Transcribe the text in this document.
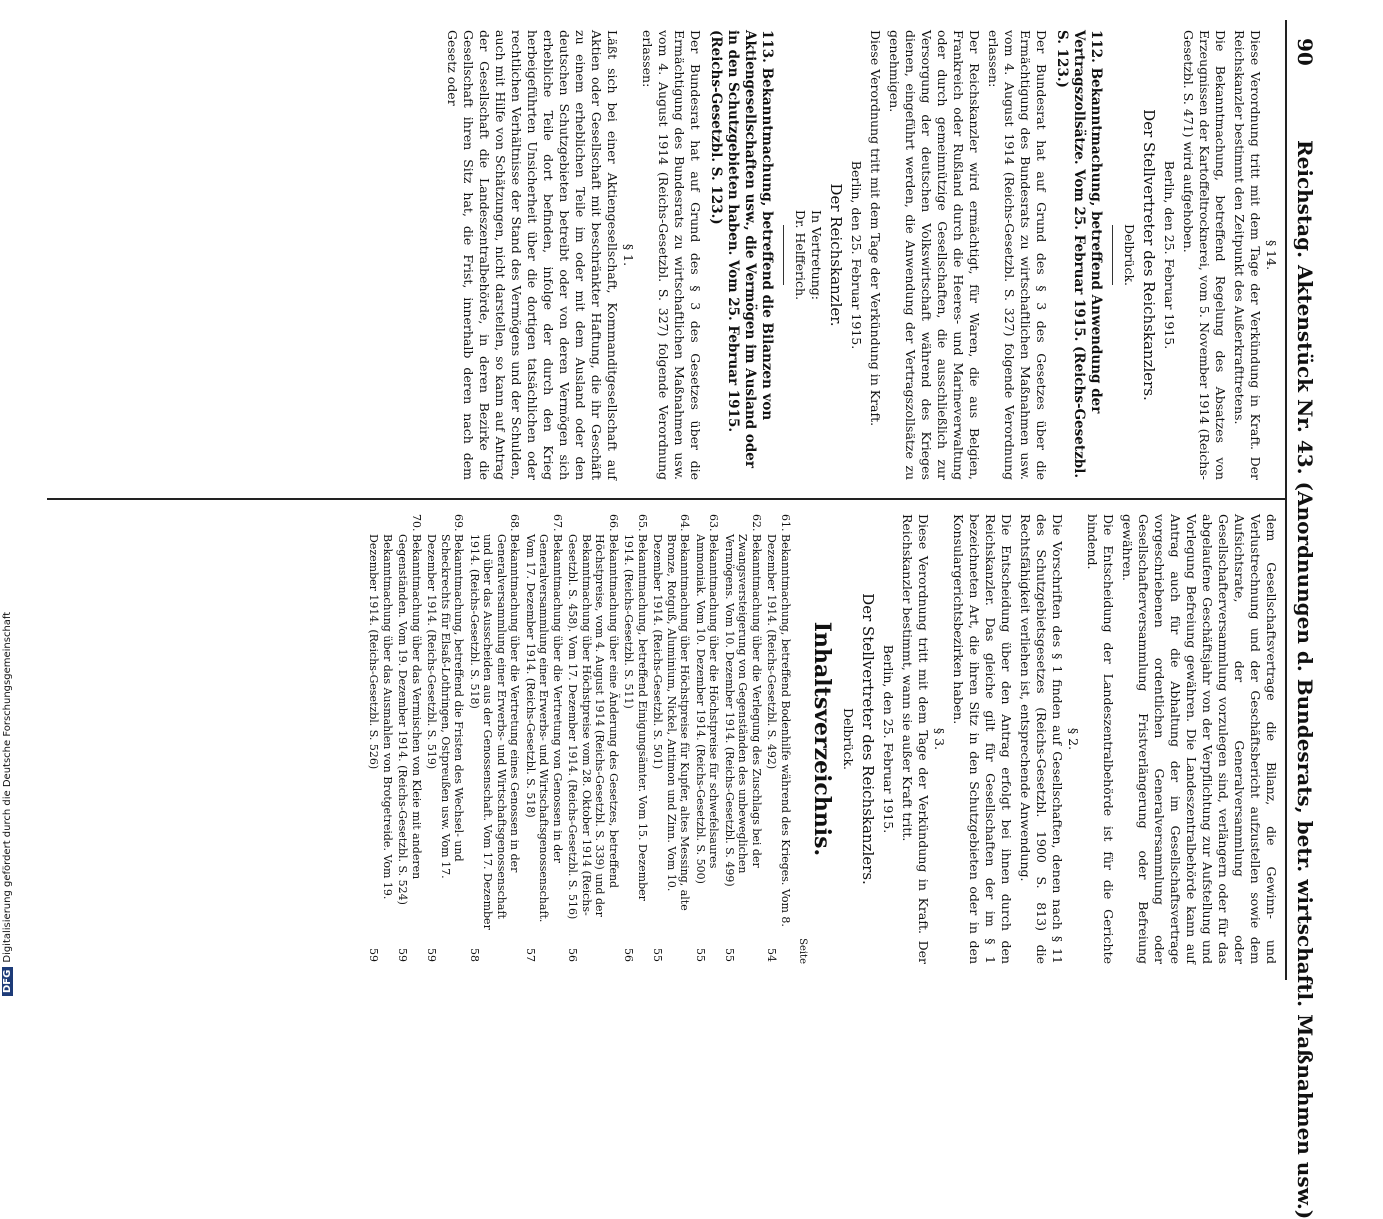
DFGDigitalisierung gefördert durch die Deutsche Forschungsgemeinschaft
90
Reichstag. Aktenstück Nr. 43. (Anordnungen d. Bundesrats, betr. wirtschaftl. Maßnahmen usw.)
§ 14.

Diese Verordnung tritt mit dem Tage der Verkündung in Kraft. Der Reichskanzler bestimmt den Zeitpunkt des Außerkrafttretens.

Die Bekanntmachung, betreffend Regelung des Absatzes von Erzeugnissen der Kartoffeltrocknerei, vom 5. November 1914 (Reichs-Gesetzbl. S. 471) wird aufgehoben.

Berlin, den 25. Februar 1915.
Der Stellvertreter des Reichskanzlers.
Delbrück.
112. Bekanntmachung, betreffend Anwendung der Vertragszollsätze. Vom 25. Februar 1915. (Reichs-Gesetzbl. S. 123.)

Der Bundesrat hat auf Grund des § 3 des Gesetzes über die Ermächtigung des Bundesrats zu wirtschaftlichen Maßnahmen usw. vom 4. August 1914 (Reichs-Gesetzbl. S. 327) folgende Verordnung erlassen:

Der Reichskanzler wird ermächtigt, für Waren, die aus Belgien, Frankreich oder Rußland durch die Heeres- und Marineverwaltung oder durch gemeinnützige Gesellschaften, die ausschließlich zur Versorgung der deutschen Volkswirtschaft während des Krieges dienen, eingeführt werden, die Anwendung der Vertragszollsätze zu genehmigen.

Diese Verordnung tritt mit dem Tage der Verkündung in Kraft.

Berlin, den 25. Februar 1915.
Der Reichskanzler.
In Vertretung:
Dr. Helfferich.
113. Bekanntmachung, betreffend die Bilanzen von Aktiengesellschaften usw., die Vermögen im Ausland oder in den Schutzgebieten haben. Vom 25. Februar 1915. (Reichs-Gesetzbl. S. 123.)

Der Bundesrat hat auf Grund des § 3 des Gesetzes über die Ermächtigung des Bundesrats zu wirtschaftlichen Maßnahmen usw. vom 4. August 1914 (Reichs-Gesetzbl. S. 327) folgende Verordnung erlassen:

§ 1.

Läßt sich bei einer Aktiengesellschaft, Kommanditgesellschaft auf Aktien oder Gesellschaft mit beschränkter Haftung, die ihr Geschäft zu einem erheblichen Teile im oder mit dem Ausland oder den deutschen Schutzgebieten betreibt oder von deren Vermögen sich erhebliche Teile dort befinden, infolge der durch den Krieg herbeigeführten Unsicherheit über die dortigen tatsächlichen oder rechtlichen Verhältnisse der Stand des Vermögens und der Schulden, auch mit Hilfe von Schätzungen, nicht darstellen, so kann auf Antrag der Gesellschaft die Landeszentralbehörde, in deren Bezirke die Gesellschaft ihren Sitz hat, die Frist, innerhalb deren nach dem Gesetz oder

dem Gesellschaftsvertrage die Bilanz, die Gewinn- und Verlustrechnung und der Geschäftsbericht aufzustellen sowie dem Aufsichtsrate, der Generalversammlung oder Gesellschafterversammlung vorzulegen sind, verlängern oder für das abgelaufene Geschäftsjahr von der Verpflichtung zur Aufstellung und Vorlegung Befreiung gewähren. Die Landeszentralbehörde kann auf Antrag auch für die Abhaltung der im Gesellschaftsvertrage vorgeschriebenen ordentlichen Generalversammlung oder Gesellschafterversammlung Fristverlängerung oder Befreiung gewähren.

Die Entscheidung der Landeszentralbehörde ist für die Gerichte bindend.

§ 2.

Die Vorschriften des § 1 finden auf Gesellschaften, denen nach § 11 des Schutzgebietsgesetzes (Reichs-Gesetzbl. 1900 S. 813) die Rechtsfähigkeit verliehen ist, entsprechende Anwendung.

Die Entscheidung über den Antrag erfolgt bei ihnen durch den Reichskanzler. Das gleiche gilt für Gesellschaften der im § 1 bezeichneten Art, die ihren Sitz in den Schutzgebieten oder in den Konsulargerichtsbezirken haben.

§ 3.

Diese Verordnung tritt mit dem Tage der Verkündung in Kraft. Der Reichskanzler bestimmt, wann sie außer Kraft tritt.

Berlin, den 25. Februar 1915.
Der Stellvertreter des Reichskanzlers.
Delbrück.
Inhaltsverzeichnis.
Seite
61.
Bekanntmachung, betreffend Bodenhilfe während des Krieges. Vom 8. Dezember 1914. (Reichs-Gesetzbl. S. 492)
54
62.
Bekanntmachung über die Verlegung des Zuschlags bei der Zwangsversteigerung von Gegenständen des unbeweglichen Vermögens. Vom 10. Dezember 1914. (Reichs-Gesetzbl. S. 499)
55
63.
Bekanntmachung über die Höchstpreise für schwefelsaures Ammoniak. Vom 10. Dezember 1914. (Reichs-Gesetzbl. S. 500)
55
64.
Bekanntmachung über Höchstpreise für Kupfer, altes Messing, alte Bronze, Rotguß, Aluminium, Nickel, Antimon und Zinn. Vom 10. Dezember 1914. (Reichs-Gesetzbl. S. 501)
55
65.
Bekanntmachung, betreffend Einigungsämter. Vom 15. Dezember 1914. (Reichs-Gesetzbl. S. 511)
56
66.
Bekanntmachung über eine Änderung des Gesetzes, betreffend Höchstpreise, vom 4. August 1914 (Reichs-Gesetzbl. S. 339) und der Bekanntmachung über Höchstpreise vom 28. Oktober 1914 (Reichs-Gesetzbl. S. 458). Vom 17. Dezember 1914. (Reichs-Gesetzbl. S. 516)
56
67.
Bekanntmachung über die Vertretung von Genossen in der Generalversammlung einer Erwerbs- und Wirtschaftsgenossenschaft. Vom 17. Dezember 1914. (Reichs-Gesetzbl. S. 518)
57
68.
Bekanntmachung über die Vertretung eines Genossen in der Generalversammlung einer Erwerbs- und Wirtschaftsgenossenschaft und über das Ausscheiden aus der Genossenschaft. Vom 17. Dezember 1914. (Reichs-Gesetzbl. S. 518)
58
69.
Bekanntmachung, betreffend die Fristen des Wechsel- und Scheckrechts für Elsaß-Lothringen, Ostpreußen usw. Vom 17. Dezember 1914. (Reichs-Gesetzbl. S. 519)
59
70.
Bekanntmachung über das Vermischen von Kleie mit anderen Gegenständen. Vom 19. Dezember 1914. (Reichs-Gesetzbl. S. 524)
59
Bekanntmachung über das Ausmahlen von Brotgetreide. Vom 19. Dezember 1914. (Reichs-Gesetzbl. S. 526)
59
